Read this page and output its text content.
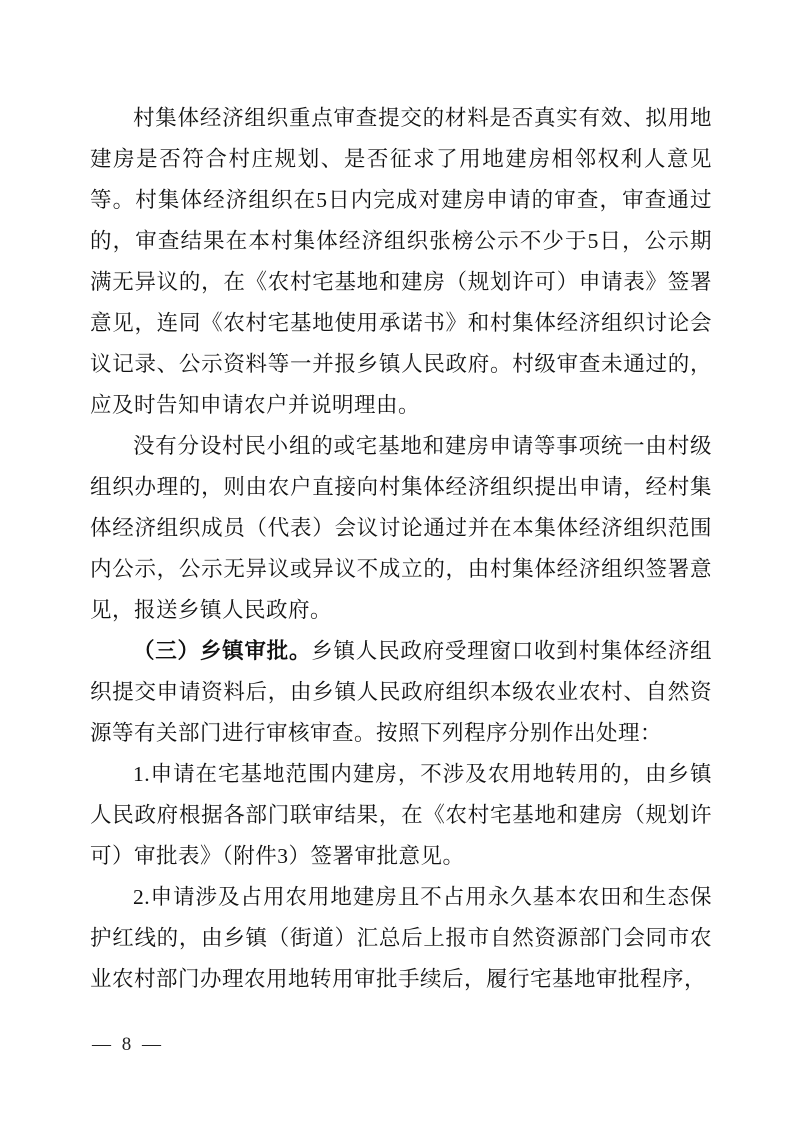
村集体经济组织重点审查提交的材料是否真实有效、拟用地建房是否符合村庄规划、是否征求了用地建房相邻权利人意见等。村集体经济组织在5日内完成对建房申请的审查，审查通过的，审查结果在本村集体经济组织张榜公示不少于5日，公示期满无异议的，在《农村宅基地和建房（规划许可）申请表》签署意见，连同《农村宅基地使用承诺书》和村集体经济组织讨论会议记录、公示资料等一并报乡镇人民政府。村级审查未通过的，应及时告知申请农户并说明理由。

没有分设村民小组的或宅基地和建房申请等事项统一由村级组织办理的，则由农户直接向村集体经济组织提出申请，经村集体经济组织成员（代表）会议讨论通过并在本集体经济组织范围内公示，公示无异议或异议不成立的，由村集体经济组织签署意见，报送乡镇人民政府。

（三）乡镇审批。乡镇人民政府受理窗口收到村集体经济组织提交申请资料后，由乡镇人民政府组织本级农业农村、自然资源等有关部门进行审核审查。按照下列程序分别作出处理：

1.申请在宅基地范围内建房，不涉及农用地转用的，由乡镇人民政府根据各部门联审结果，在《农村宅基地和建房（规划许可）审批表》（附件3）签署审批意见。

2.申请涉及占用农用地建房且不占用永久基本农田和生态保护红线的，由乡镇（街道）汇总后上报市自然资源部门会同市农业农村部门办理农用地转用审批手续后，履行宅基地审批程序，

— 8 —
